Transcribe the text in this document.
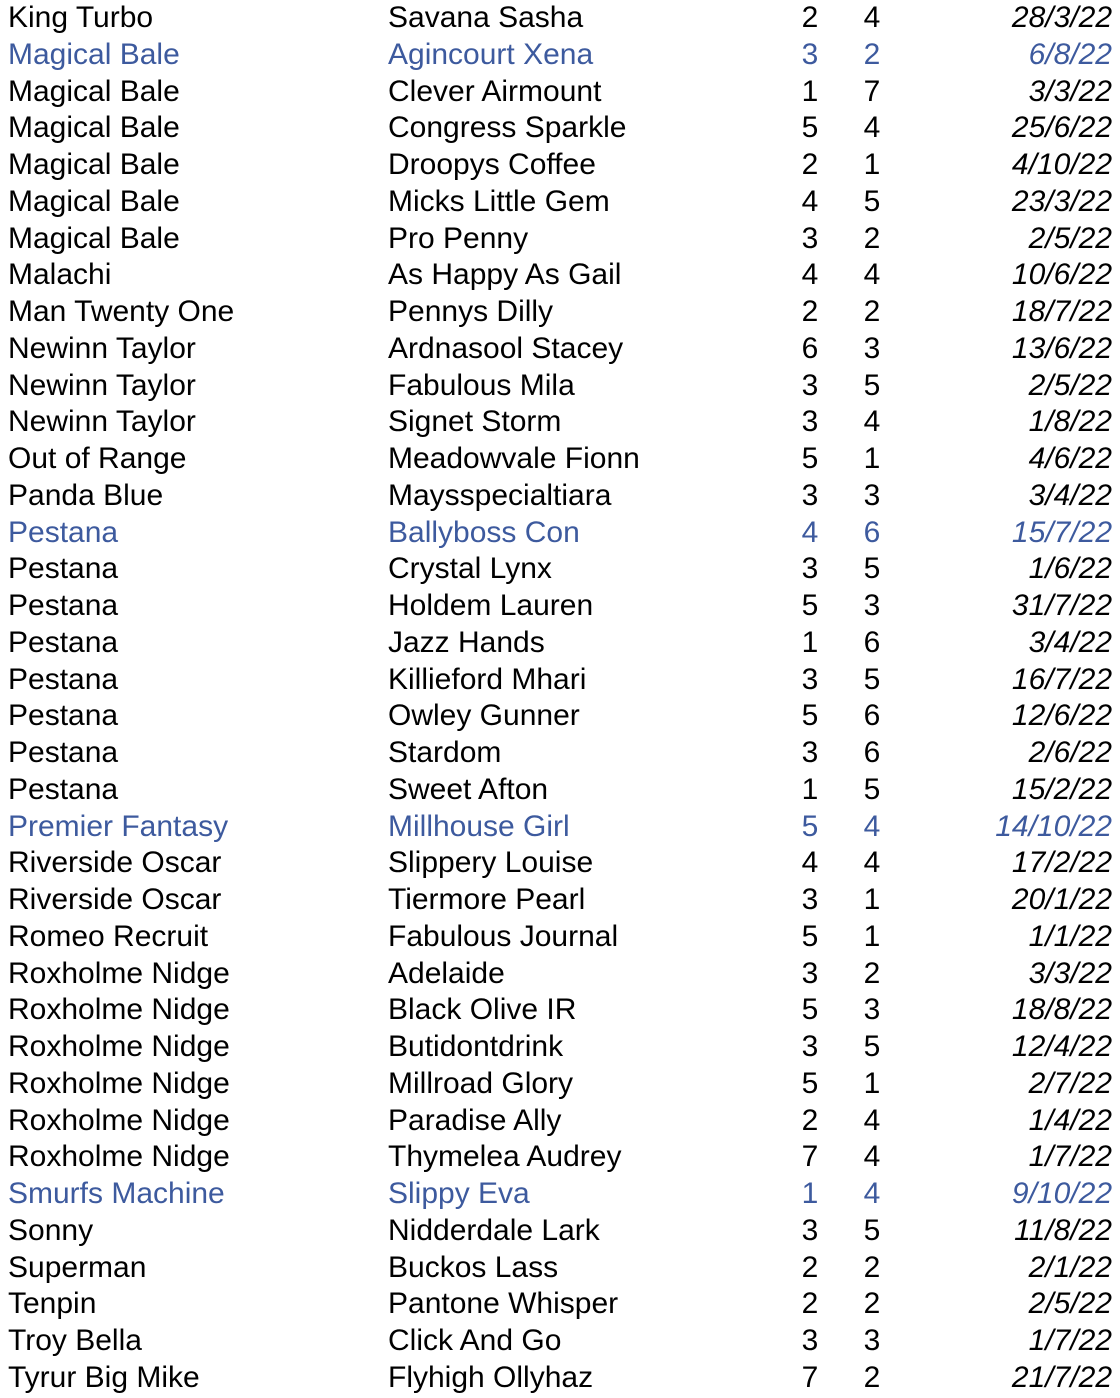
King Turbo	Savana Sasha	2 4	28/3/22
Magical Bale	Agincourt Xena	3 2	6/8/22
Magical Bale	Clever Airmount	1 7	3/3/22
Magical Bale	Congress Sparkle	5 4	25/6/22
Magical Bale	Droopys Coffee	2 1	4/10/22
Magical Bale	Micks Little Gem	4 5	23/3/22
Magical Bale	Pro Penny	3 2	2/5/22
Malachi	As Happy As Gail	4 4	10/6/22
Man Twenty One	Pennys Dilly	2 2	18/7/22
Newinn Taylor	Ardnasool Stacey	6 3	13/6/22
Newinn Taylor	Fabulous Mila	3 5	2/5/22
Newinn Taylor	Signet Storm	3 4	1/8/22
Out of Range	Meadowvale Fionn	5 1	4/6/22
Panda Blue	Maysspecialtiara	3 3	3/4/22
Pestana	Ballyboss Con	4 6	15/7/22
Pestana	Crystal Lynx	3 5	1/6/22
Pestana	Holdem Lauren	5 3	31/7/22
Pestana	Jazz Hands	1 6	3/4/22
Pestana	Killieford Mhari	3 5	16/7/22
Pestana	Owley Gunner	5 6	12/6/22
Pestana	Stardom	3 6	2/6/22
Pestana	Sweet Afton	1 5	15/2/22
Premier Fantasy	Millhouse Girl	5 4	14/10/22
Riverside Oscar	Slippery Louise	4 4	17/2/22
Riverside Oscar	Tiermore Pearl	3 1	20/1/22
Romeo Recruit	Fabulous Journal	5 1	1/1/22
Roxholme Nidge	Adelaide	3 2	3/3/22
Roxholme Nidge	Black Olive IR	5 3	18/8/22
Roxholme Nidge	Butidontdrink	3 5	12/4/22
Roxholme Nidge	Millroad Glory	5 1	2/7/22
Roxholme Nidge	Paradise Ally	2 4	1/4/22
Roxholme Nidge	Thymelea Audrey	7 4	1/7/22
Smurfs Machine	Slippy Eva	1 4	9/10/22
Sonny	Nidderdale Lark	3 5	11/8/22
Superman	Buckos Lass	2 2	2/1/22
Tenpin	Pantone Whisper	2 2	2/5/22
Troy Bella	Click And Go	3 3	1/7/22
Tyrur Big Mike	Flyhigh Ollyhaz	7 2	21/7/22
